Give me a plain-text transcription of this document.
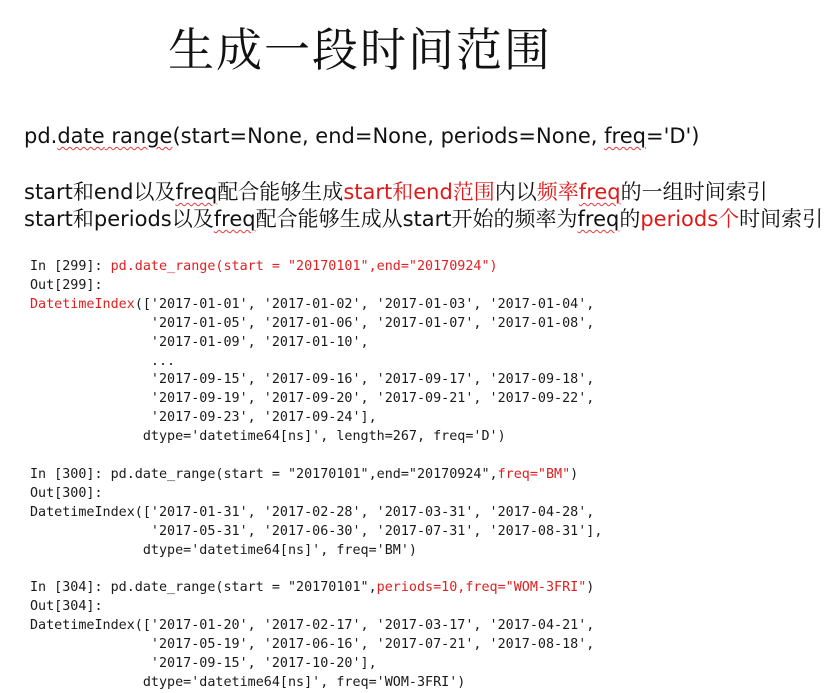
生成一段时间范围
pd.date range(start=None, end=None, periods=None, freq='D')
start和end以及freq配合能够生成start和end范围内以频率freq的一组时间索引
start和periods以及freq配合能够生成从start开始的频率为freq的periods个时间索引
In [299]: pd.date_range(start = "20170101",end="20170924")
Out[299]:
DatetimeIndex(['2017-01-01', '2017-01-02', '2017-01-03', '2017-01-04',
'2017-01-05', '2017-01-06', '2017-01-07', '2017-01-08',
'2017-01-09', '2017-01-10',
...
'2017-09-15', '2017-09-16', '2017-09-17', '2017-09-18',
'2017-09-19', '2017-09-20', '2017-09-21', '2017-09-22',
'2017-09-23', '2017-09-24'],
dtype='datetime64[ns]', length=267, freq='D')

In [300]: pd.date_range(start = "20170101",end="20170924",freq="BM")
Out[300]:
DatetimeIndex(['2017-01-31', '2017-02-28', '2017-03-31', '2017-04-28',
'2017-05-31', '2017-06-30', '2017-07-31', '2017-08-31'],
dtype='datetime64[ns]', freq='BM')

In [304]: pd.date_range(start = "20170101",periods=10,freq="WOM-3FRI")
Out[304]:
DatetimeIndex(['2017-01-20', '2017-02-17', '2017-03-17', '2017-04-21',
'2017-05-19', '2017-06-16', '2017-07-21', '2017-08-18',
'2017-09-15', '2017-10-20'],
dtype='datetime64[ns]', freq='WOM-3FRI')
